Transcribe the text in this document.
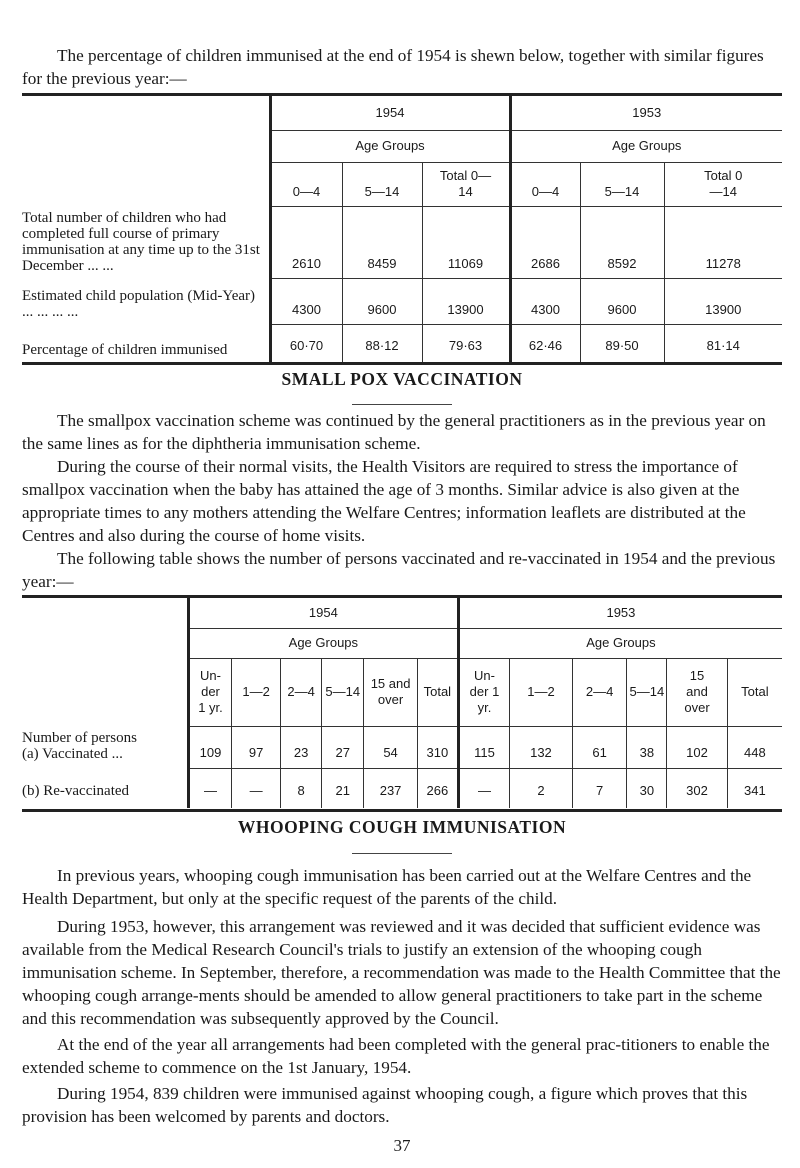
The percentage of children immunised at the end of 1954 is shewn below, together with similar figures for the previous year:—

	1954			1953		
	Age Groups			Age Groups		
	0—4	5—14	Total 0—14	0—4	5—14	Total 0—14
Total number of children who had completed full course of primary immunisation at any time up to the 31st December ... ...	2610	8459	11069	2686	8592	11278
Estimated child population (Mid-Year) ... ... ... ...	4300	9600	13900	4300	9600	13900
Percentage of children immunised	60·70	88·12	79·63	62·46	89·50	81·14
SMALL POX VACCINATION

The smallpox vaccination scheme was continued by the general practitioners as in the previous year on the same lines as for the diphtheria immunisation scheme.

During the course of their normal visits, the Health Visitors are required to stress the importance of smallpox vaccination when the baby has attained the age of 3 months. Similar advice is also given at the appropriate times to any mothers attending the Welfare Centres; information leaflets are distributed at the Centres and also during the course of home visits.

The following table shows the number of persons vaccinated and re-vaccinated in 1954 and the previous year:—

	1954						1953					
	Age Groups						Age Groups					
	Un-der 1 yr.	1—2	2—4	5—14	15 and over	Total	Un-der 1 yr.	1—2	2—4	5—14	15 and over	Total
Number of persons
(a) Vaccinated ...	109	97	23	27	54	310	115	132	61	38	102	448
(b) Re-vaccinated	—	—	8	21	237	266	—	2	7	30	302	341
WHOOPING COUGH IMMUNISATION

In previous years, whooping cough immunisation has been carried out at the Welfare Centres and the Health Department, but only at the specific request of the parents of the child.

During 1953, however, this arrangement was reviewed and it was decided that sufficient evidence was available from the Medical Research Council's trials to justify an extension of the whooping cough immunisation scheme. In September, therefore, a recommendation was made to the Health Committee that the whooping cough arrange-ments should be amended to allow general practitioners to take part in the scheme and this recommendation was subsequently approved by the Council.

At the end of the year all arrangements had been completed with the general prac-titioners to enable the extended scheme to commence on the 1st January, 1954.

During 1954, 839 children were immunised against whooping cough, a figure which proves that this provision has been welcomed by parents and doctors.

37
